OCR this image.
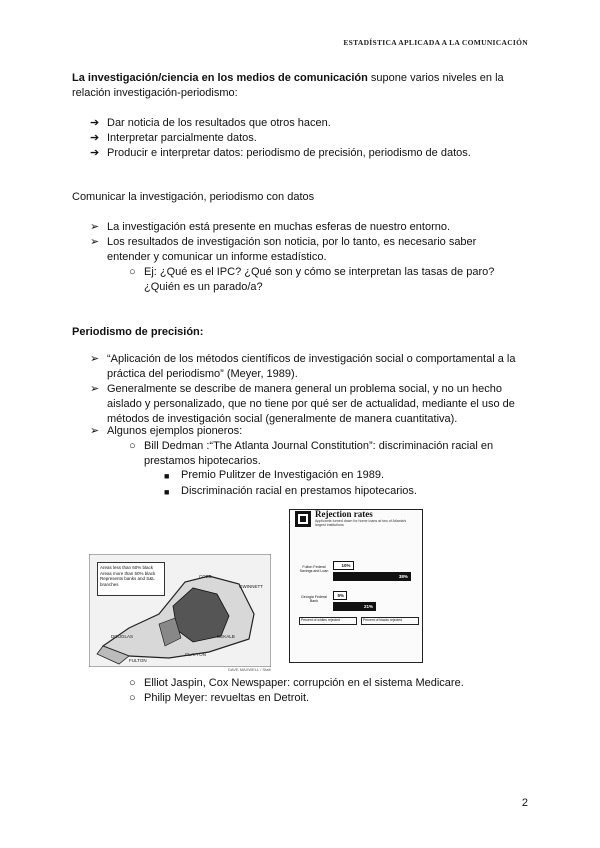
ESTADÍSTICA APLICADA A LA COMUNICACIÓN
La investigación/ciencia en los medios de comunicación supone varios niveles en la relación investigación-periodismo:
➔ Dar noticia de los resultados que otros hacen.
➔ Interpretar parcialmente datos.
➔ Producir e interpretar datos: periodismo de precisión, periodismo de datos.
Comunicar la investigación, periodismo con datos
➢ La investigación está presente en muchas esferas de nuestro entorno.
➢ Los resultados de investigación son noticia, por lo tanto, es necesario saber entender y comunicar un informe estadístico.
○ Ej: ¿Qué es el IPC? ¿Qué son y cómo se interpretan las tasas de paro? ¿Quién es un parado/a?
Periodismo de precisión:
➢ “Aplicación de los métodos científicos de investigación social o comportamental a la práctica del periodismo” (Meyer, 1989).
➢ Generalmente se describe de manera general un problema social, y no un hecho aislado y personalizado, que no tiene por qué ser de actualidad, mediante el uso de métodos de investigación social (generalmente de manera cuantitativa).
➢ Algunos ejemplos pioneros:
○ Bill Dedman :“The Atlanta Journal Constitution”: discriminación racial en prestamos hipotecarios.
■ Premio Pulitzer de Investigación en 1989.
■ Discriminación racial en prestamos hipotecarios.
Areas less than 60% black
Areas more than 50% black
Represents banks and S&L branches
COBB
DEKALB
DOUGLAS
CLAYTON
FULTON
GWINNETT
DAVE MAXWELL / Staff
Rejection rates
Applicants turned down for home loans at two of Atlanta's largest institutions
Fulton Federal Savings and Loan
Georgia Federal Bank
10%
38%
5%
21%
Percent of whites rejected	Percent of blacks rejected
○ Elliot Jaspin, Cox Newspaper: corrupción en el sistema Medicare.
○ Philip Meyer: revueltas en Detroit.
2
